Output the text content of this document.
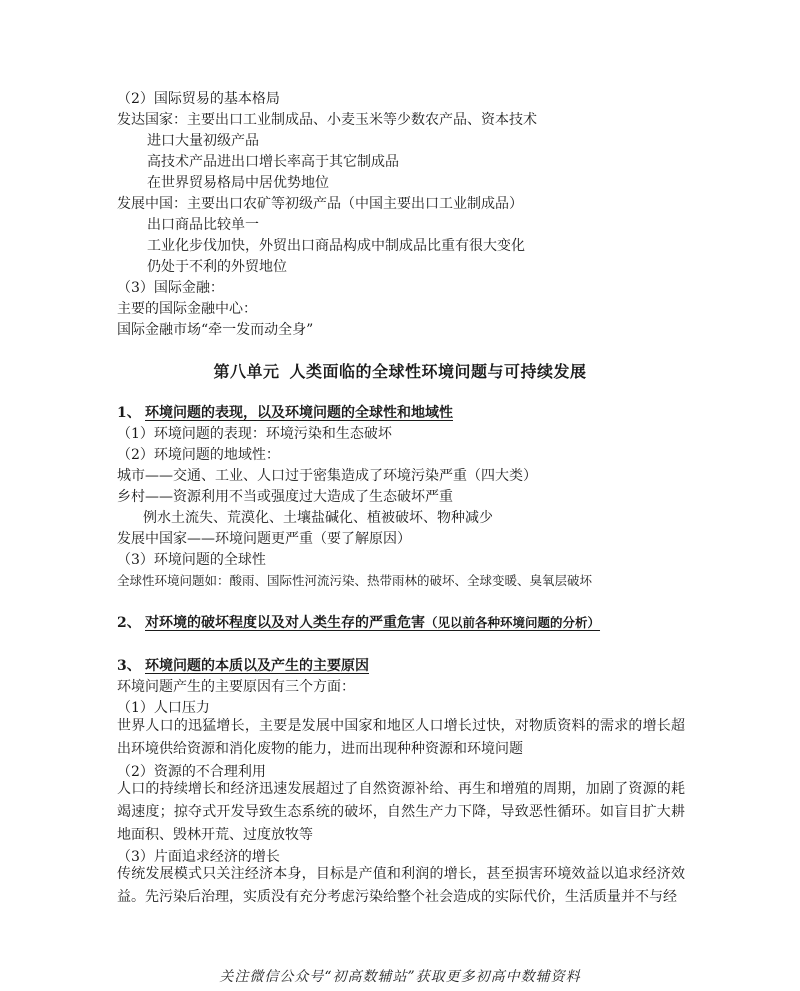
（2）国际贸易的基本格局
发达国家：主要出口工业制成品、小麦玉米等少数农产品、资本技术
进口大量初级产品
高技术产品进出口增长率高于其它制成品
在世界贸易格局中居优势地位
发展中国：主要出口农矿等初级产品（中国主要出口工业制成品）
出口商品比较单一
工业化步伐加快，外贸出口商品构成中制成品比重有很大变化
仍处于不利的外贸地位
（3）国际金融：
主要的国际金融中心：
国际金融市场“牵一发而动全身”
第八单元 人类面临的全球性环境问题与可持续发展
1、 环境问题的表现，以及环境问题的全球性和地域性
（1）环境问题的表现：环境污染和生态破坏
（2）环境问题的地域性：
城市——交通、工业、人口过于密集造成了环境污染严重（四大类）
乡村——资源利用不当或强度过大造成了生态破坏严重
例水土流失、荒漠化、土壤盐碱化、植被破坏、物种减少
发展中国家——环境问题更严重（要了解原因）
（3）环境问题的全球性
全球性环境问题如：酸雨、国际性河流污染、热带雨林的破坏、全球变暖、臭氧层破坏
2、 对环境的破坏程度以及对人类生存的严重危害（见以前各种环境问题的分析）
3、 环境问题的本质以及产生的主要原因
环境问题产生的主要原因有三个方面：
（1）人口压力
世界人口的迅猛增长，主要是发展中国家和地区人口增长过快，对物质资料的需求的增长超出环境供给资源和消化废物的能力，进而出现种种资源和环境问题
（2）资源的不合理利用
人口的持续增长和经济迅速发展超过了自然资源补给、再生和增殖的周期，加剧了资源的耗竭速度；掠夺式开发导致生态系统的破坏，自然生产力下降，导致恶性循环。如盲目扩大耕地面积、毁林开荒、过度放牧等
（3）片面追求经济的增长
传统发展模式只关注经济本身，目标是产值和利润的增长，甚至损害环境效益以追求经济效益。先污染后治理，实质没有充分考虑污染给整个社会造成的实际代价，生活质量并不与经
关注微信公众号“初高数辅站”获取更多初高中数辅资料
